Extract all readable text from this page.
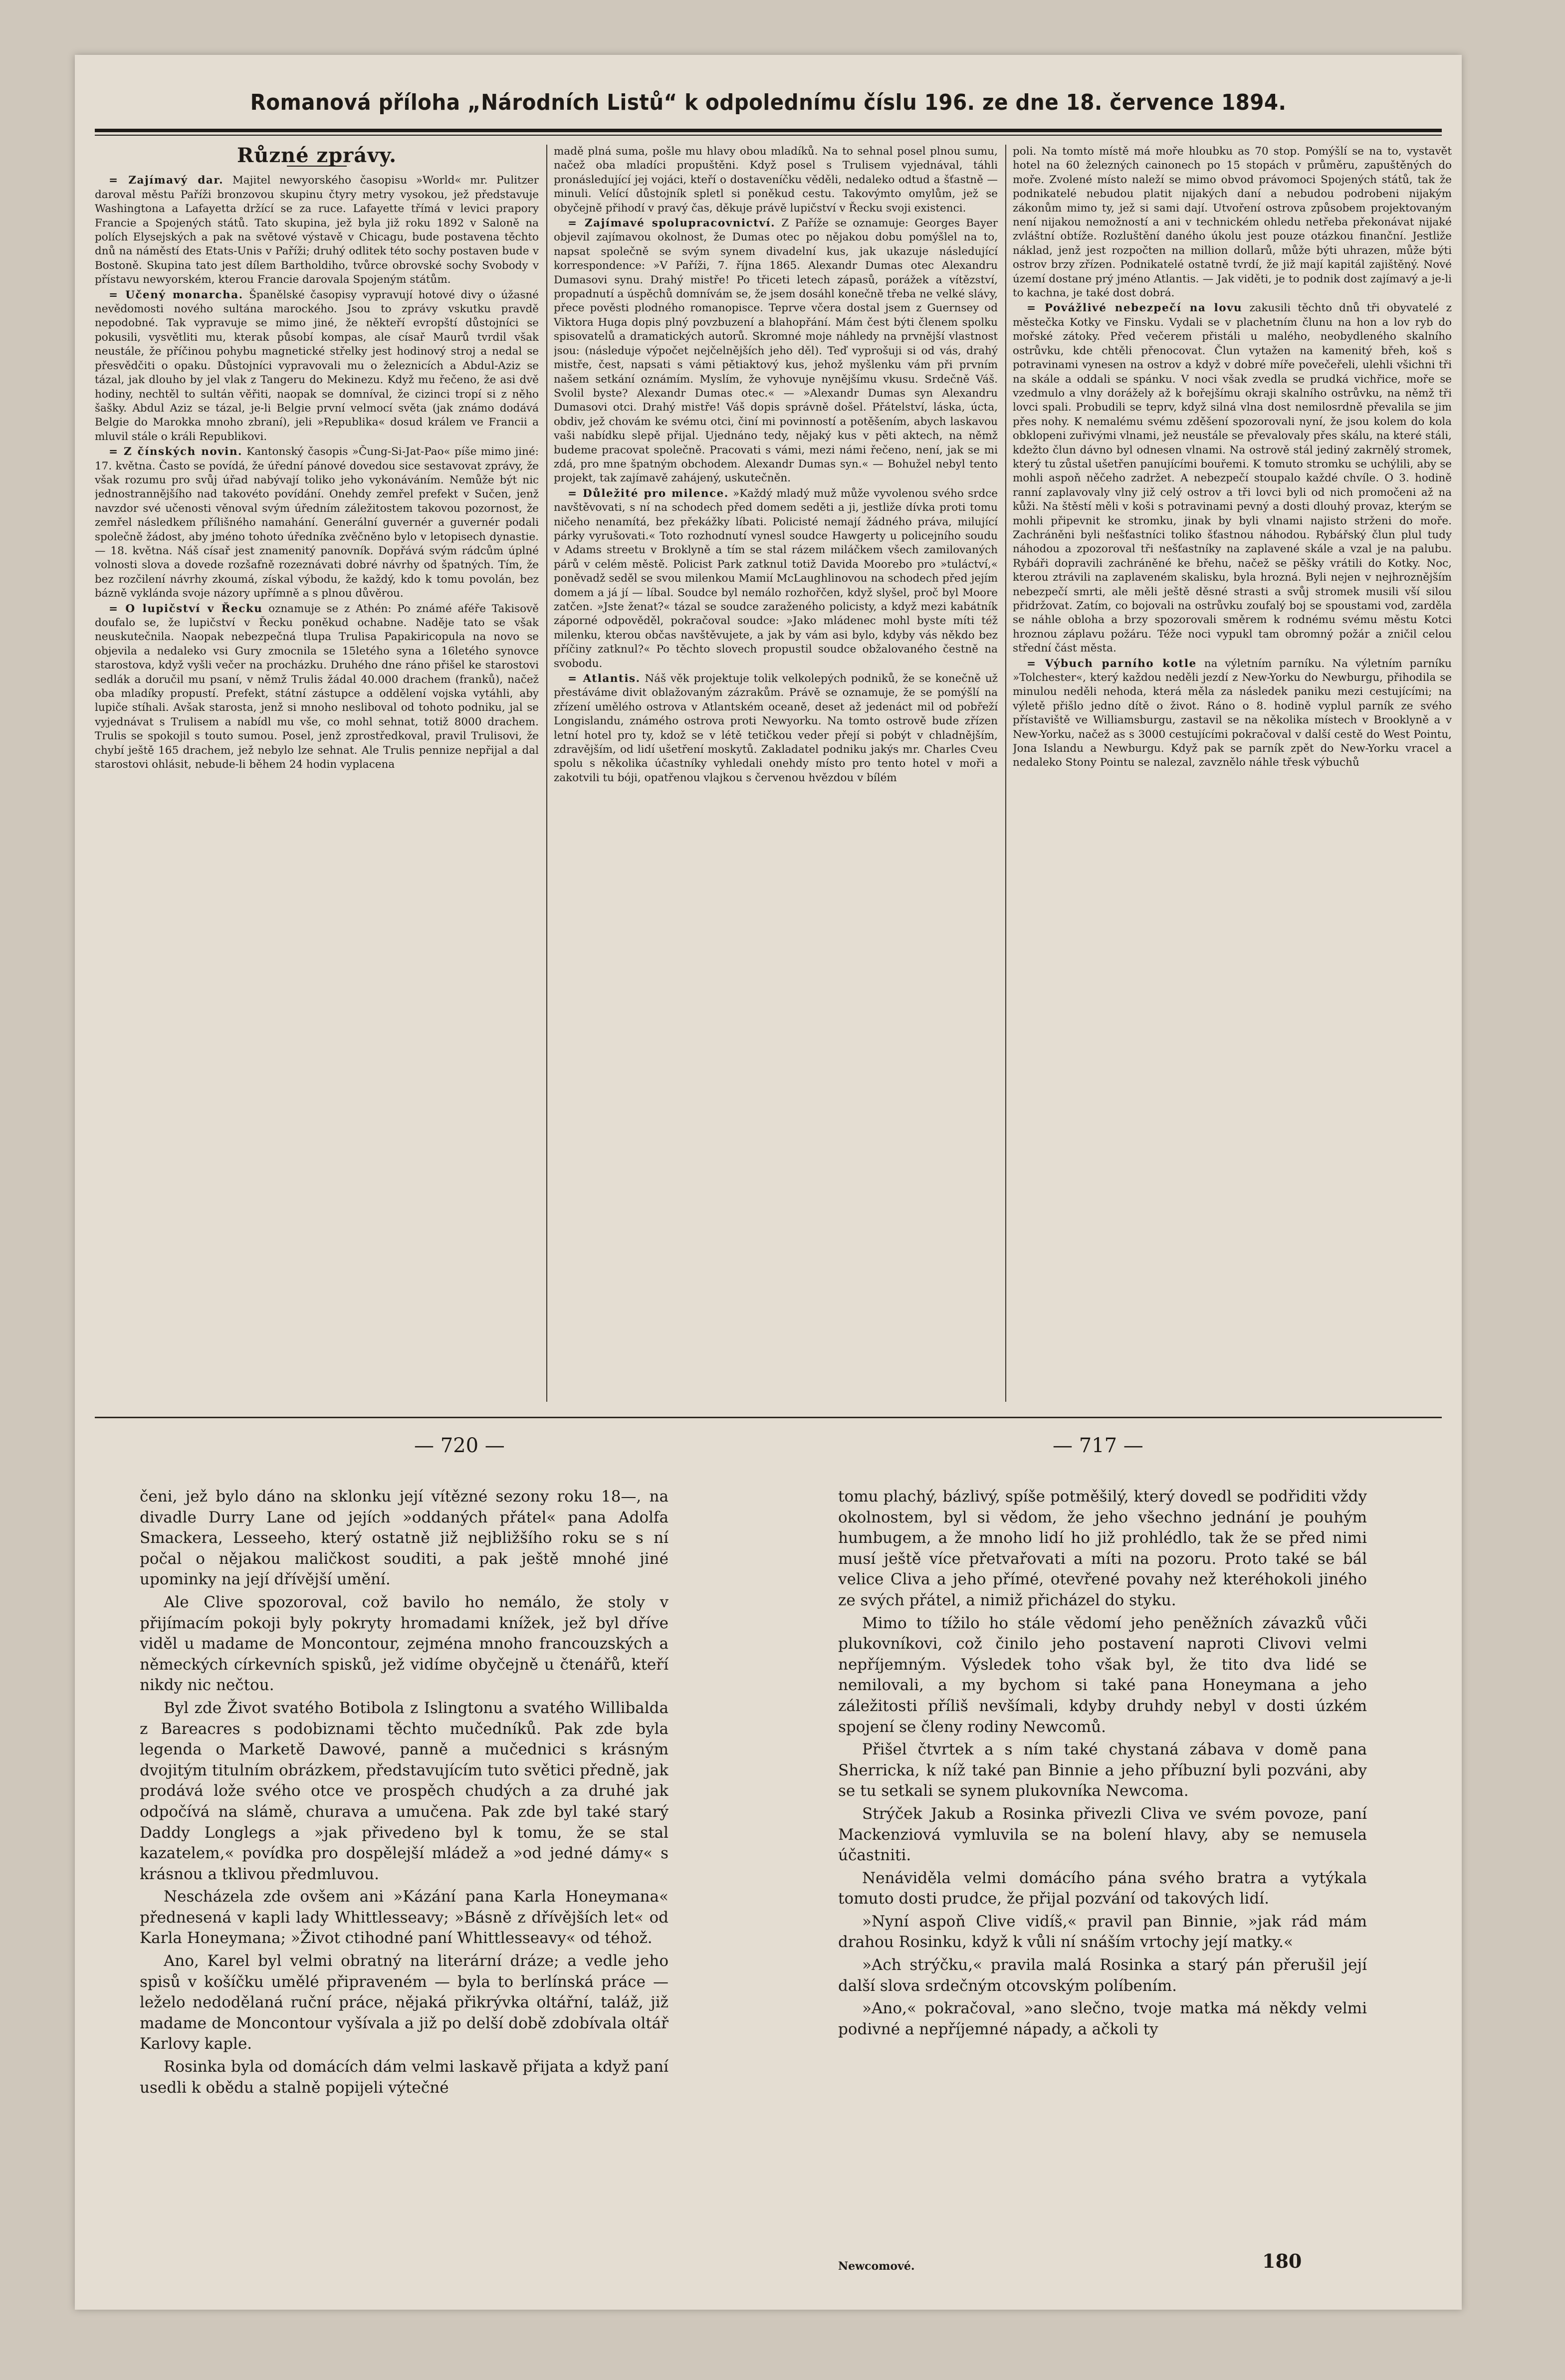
Romanová příloha „Národních Listů“ k odpolednímu číslu 196. ze dne 18. července 1894.
Různé zprávy.

= Zajímavý dar. Majitel newyorského časopisu »World« mr. Pulitzer daroval městu Paříži bronzovou skupinu čtyry metry vysokou, jež představuje Washingtona a Lafayetta držící se za ruce. Lafayette třímá v levici prapory Francie a Spojených států. Tato skupina, jež byla již roku 1892 v Saloně na polích Elysejských a pak na světové výstavě v Chicagu, bude postavena těchto dnů na náměstí des Etats-Unis v Paříži; druhý odlitek této sochy postaven bude v Bostoně. Skupina tato jest dílem Bartholdiho, tvůrce obrovské sochy Svobody v přístavu newyorském, kterou Francie darovala Spojeným státům.

= Učený monarcha. Španělské časopisy vypravují hotové divy o úžasné nevědomosti nového sultána marockého. Jsou to zprávy vskutku pravdě nepodobné. Tak vypravuje se mimo jiné, že někteří evropští důstojníci se pokusili, vysvětliti mu, kterak působí kompas, ale císař Maurů tvrdil však neustále, že příčinou pohybu magnetické střelky jest hodinový stroj a nedal se přesvědčiti o opaku. Důstojníci vypravovali mu o železnicích a Abdul-Aziz se tázal, jak dlouho by jel vlak z Tangeru do Mekinezu. Když mu řečeno, že asi dvě hodiny, nechtěl to sultán věřiti, naopak se domníval, že cizinci tropí si z něho šašky. Abdul Aziz se tázal, je-li Belgie první velmocí světa (jak známo dodává Belgie do Marokka mnoho zbraní), jeli »Republika« dosud králem ve Francii a mluvil stále o králi Republikovi.

= Z čínských novin. Kantonský časopis »Čung-Si-Jat-Pao« píše mimo jiné: 17. května. Často se povídá, že úřední pánové dovedou sice sestavovat zprávy, že však rozumu pro svůj úřad nabývají toliko jeho vykonáváním. Nemůže být nic jednostrannějšího nad takovéto povídání. Onehdy zemřel prefekt v Sučen, jenž navzdor své učenosti věnoval svým úředním záležitostem takovou pozornost, že zemřel následkem přílišného namahání. Generální guvernér a guvernér podali společně žádost, aby jméno tohoto úředníka zvěčněno bylo v letopisech dynastie. — 18. května. Náš císař jest znamenitý panovník. Dopřává svým rádcům úplné volnosti slova a dovede rozšafně rozeznávati dobré návrhy od špatných. Tím, že bez rozčilení návrhy zkoumá, získal výbodu, že každý, kdo k tomu povolán, bez bázně vyklánda svoje názory upřímně a s plnou důvěrou.

= O lupičství v Řecku oznamuje se z Athén: Po známé aféře Takisově doufalo se, že lupičství v Řecku poněkud ochabne. Naděje tato se však neuskutečnila. Naopak nebezpečná tlupa Trulisa Papakiricopula na novo se objevila a nedaleko vsi Gury zmocnila se 15letého syna a 16letého synovce starostova, když vyšli večer na procházku. Druhého dne ráno přišel ke starostovi sedlák a doručil mu psaní, v němž Trulis žádal 40.000 drachem (franků), načež oba mladíky propustí. Prefekt, státní zástupce a oddělení vojska vytáhli, aby lupiče stíhali. Avšak starosta, jenž si mnoho nesliboval od tohoto podniku, jal se vyjednávat s Trulisem a nabídl mu vše, co mohl sehnat, totiž 8000 drachem. Trulis se spokojil s touto sumou. Posel, jenž zprostředkoval, pravil Trulisovi, že chybí ještě 165 drachem, jež nebylo lze sehnat. Ale Trulis pennize nepřijal a dal starostovi ohlásit, nebude-li během 24 hodin vyplacena

madě plná suma, pošle mu hlavy obou mladíků. Na to sehnal posel plnou sumu, načež oba mladíci propuštěni. Když posel s Trulisem vyjednával, táhli pronásledující jej vojáci, kteří o dostaveníčku věděli, nedaleko odtud a šťastně — minuli. Velící důstojník spletl si poněkud cestu. Takovýmto omylům, jež se obyčejně přihodí v pravý čas, děkuje právě lupičství v Řecku svoji existenci.

= Zajímavé spolupracovnictví. Z Paříže se oznamuje: Georges Bayer objevil zajímavou okolnost, že Dumas otec po nějakou dobu pomýšlel na to, napsat společně se svým synem divadelní kus, jak ukazuje následující korrespondence: »V Paříži, 7. října 1865. Alexandr Dumas otec Alexandru Dumasovi synu. Drahý mistře! Po třiceti letech zápasů, porážek a vítězství, propadnutí a úspěchů domnívám se, že jsem dosáhl konečně třeba ne velké slávy, přece pověsti plodného romanopisce. Teprve včera dostal jsem z Guernsey od Viktora Huga dopis plný povzbuzení a blahopřání. Mám čest býti členem spolku spisovatelů a dramatických autorů. Skromné moje náhledy na prvnější vlastnost jsou: (následuje výpočet nejčelnějších jeho děl). Teď vyprošuji si od vás, drahý mistře, čest, napsati s vámi pětiaktový kus, jehož myšlenku vám při prvním našem setkání oznámím. Myslím, že vyhovuje nynějšímu vkusu. Srdečně Váš. Svolil byste? Alexandr Dumas otec.« — »Alexandr Dumas syn Alexandru Dumasovi otci. Drahý mistře! Váš dopis správně došel. Přátelství, láska, úcta, obdiv, jež chovám ke svému otci, činí mi povinností a potěšením, abych laskavou vaši nabídku slepě přijal. Ujednáno tedy, nějaký kus v pěti aktech, na němž budeme pracovat společně. Pracovati s vámi, mezi námi řečeno, není, jak se mi zdá, pro mne špatným obchodem. Alexandr Dumas syn.« — Bohužel nebyl tento projekt, tak zajímavě zahájený, uskutečněn.

= Důležité pro milence. »Každý mladý muž může vyvolenou svého srdce navštěvovati, s ní na schodech před domem seděti a ji, jestliže dívka proti tomu ničeho nenamítá, bez překážky líbati. Policisté nemají žádného práva, milující párky vyrušovati.« Toto rozhodnutí vynesl soudce Hawgerty u policejního soudu v Adams streetu v Broklyně a tím se stal rázem miláčkem všech zamilovaných párů v celém městě. Policist Park zatknul totiž Davida Moorebo pro »tuláctví,« poněvadž seděl se svou milenkou Mamií McLaughlinovou na schodech před jejím domem a já jí — líbal. Soudce byl nemálo rozhořčen, když slyšel, proč byl Moore zatčen. »Jste ženat?« tázal se soudce zaraženého policisty, a když mezi kabátník záporné odpověděl, pokračoval soudce: »Jako mládenec mohl byste míti též milenku, kterou občas navštěvujete, a jak by vám asi bylo, kdyby vás někdo bez příčiny zatknul?« Po těchto slovech propustil soudce obžalovaného čestně na svobodu.

= Atlantis. Náš věk projektuje tolik velkolepých podniků, že se konečně už přestáváme divit oblažovaným zázrakům. Právě se oznamuje, že se pomýšlí na zřízení umělého ostrova v Atlantském oceaně, deset až jedenáct mil od pobřeží Longislandu, známého ostrova proti Newyorku. Na tomto ostrově bude zřízen letní hotel pro ty, kdož se v létě tetičkou veder přejí si pobýt v chladnějším, zdravějším, od lidí ušetření moskytů. Zakladatel podniku jakýs mr. Charles Cveu spolu s několika účastníky vyhledali onehdy místo pro tento hotel v moři a zakotvili tu bóji, opatřenou vlajkou s červenou hvězdou v bílém

poli. Na tomto místě má moře hloubku as 70 stop. Pomýšlí se na to, vystavět hotel na 60 železných cainonech po 15 stopách v průměru, zapuštěných do moře. Zvolené místo naleží se mimo obvod právomoci Spojených států, tak že podnikatelé nebudou platit nijakých daní a nebudou podrobeni nijakým zákonům mimo ty, jež si sami dají. Utvoření ostrova způsobem projektovaným není nijakou nemožností a ani v technickém ohledu netřeba překonávat nijaké zvláštní obtíže. Rozluštění daného úkolu jest pouze otázkou finanční. Jestliže náklad, jenž jest rozpočten na million dollarů, může býti uhrazen, může býti ostrov brzy zřízen. Podnikatelé ostatně tvrdí, že již mají kapitál zajištěný. Nové území dostane prý jméno Atlantis. — Jak viděti, je to podnik dost zajímavý a je-li to kachna, je také dost dobrá.

= Povážlivé nebezpečí na lovu zakusili těchto dnů tři obyvatelé z městečka Kotky ve Finsku. Vydali se v plachetním člunu na hon a lov ryb do mořské zátoky. Před večerem přistáli u malého, neobydleného skalního ostrůvku, kde chtěli přenocovat. Člun vytažen na kamenitý břeh, koš s potravinami vynesen na ostrov a když v dobré míře povečeřeli, ulehli všichni tři na skále a oddali se spánku. V noci však zvedla se prudká vichřice, moře se vzedmulo a vlny dorážely až k bořejšímu okraji skalního ostrůvku, na němž tři lovci spali. Probudili se teprv, když silná vlna dost nemilosrdně převalila se jim přes nohy. K nemalému svému zděšení spozorovali nyní, že jsou kolem do kola obklopeni zuřivými vlnami, jež neustále se převalovaly přes skálu, na které stáli, kdežto člun dávno byl odnesen vlnami. Na ostrově stál jediný zakrnělý stromek, který tu zůstal ušetřen panujícími bouřemi. K tomuto stromku se uchýlili, aby se mohli aspoň něčeho zadržet. A nebezpečí stoupalo každé chvíle. O 3. hodině ranní zaplavovaly vlny již celý ostrov a tři lovci byli od nich promočeni až na kůži. Na štěstí měli v koši s potravinami pevný a dosti dlouhý provaz, kterým se mohli připevnit ke stromku, jinak by byli vlnami najisto strženi do moře. Zachráněni byli nešťastníci toliko šťastnou náhodou. Rybářský člun plul tudy náhodou a zpozoroval tři nešťastníky na zaplavené skále a vzal je na palubu. Rybáři dopravili zachráněné ke břehu, načež se pěšky vrátili do Kotky. Noc, kterou ztrávili na zaplaveném skalisku, byla hrozná. Byli nejen v nejhroznějším nebezpečí smrti, ale měli ještě děsné strasti a svůj stromek musili vší silou přidržovat. Zatím, co bojovali na ostrůvku zoufalý boj se spoustami vod, zarděla se náhle obloha a brzy spozorovali směrem k rodnému svému městu Kotci hroznou záplavu požáru. Téže noci vypukl tam obromný požár a zničil celou střední část města.

= Výbuch parního kotle na výletním parníku. Na výletním parníku »Tolchester«, který každou neděli jezdí z New-Yorku do Newburgu, přihodila se minulou neděli nehoda, která měla za následek paniku mezi cestujícími; na výletě přišlo jedno dítě o život. Ráno o 8. hodině vyplul parník ze svého přístaviště ve Williamsburgu, zastavil se na několika místech v Brooklyně a v New-Yorku, načež as s 3000 cestujícími pokračoval v další cestě do West Pointu, Jona Islandu a Newburgu. Když pak se parník zpět do New-Yorku vracel a nedaleko Stony Pointu se nalezal, zavznělo náhle třesk výbuchů

— 720 —	— 717 —

čeni, jež bylo dáno na sklonku její vítězné sezony roku 18—, na divadle Durry Lane od jejích »oddaných přátel« pana Adolfa Smackera, Lesseeho, který ostatně již nejbližšího roku se s ní počal o nějakou maličkost souditi, a pak ještě mnohé jiné upominky na její dřívější umění.

Ale Clive spozoroval, což bavilo ho nemálo, že stoly v přijímacím pokoji byly pokryty hromadami knížek, jež byl dříve viděl u madame de Moncontour, zejména mnoho francouzských a německých církevních spisků, jež vidíme obyčejně u čtenářů, kteří nikdy nic nečtou.

Byl zde Život svatého Botibola z Islingtonu a svatého Willibalda z Bareacres s podobiznami těchto mučedníků. Pak zde byla legenda o Marketě Dawové, panně a mučednici s krásným dvojitým titulním obrázkem, představujícím tuto světici předně, jak prodává lože svého otce ve prospěch chudých a za druhé jak odpočívá na slámě, churava a umučena. Pak zde byl také starý Daddy Longlegs a »jak přivedeno byl k tomu, že se stal kazatelem,« povídka pro dospělejší mládež a »od jedné dámy« s krásnou a tklivou předmluvou.

Nescházela zde ovšem ani »Kázání pana Karla Honeymana« přednesená v kapli lady Whittlesseavy; »Básně z dřívějších let« od Karla Honeymana; »Život ctihodné paní Whittlesseavy« od téhož.

Ano, Karel byl velmi obratný na literární dráze; a vedle jeho spisů v košíčku umělé připraveném — byla to berlínská práce — leželo nedodělaná ruční práce, nějaká přikrývka oltářní, taláž, již madame de Moncontour vyšívala a již po delší době zdobívala oltář Karlovy kaple.

Rosinka byla od domácích dám velmi laskavě přijata a když paní usedli k obědu a stalně popijeli výtečné

tomu plachý, bázlivý, spíše potměšilý, který dovedl se podřiditi vždy okolnostem, byl si vědom, že jeho všechno jednání je pouhým humbugem, a že mnoho lidí ho již prohlédlo, tak že se před nimi musí ještě více přetvařovati a míti na pozoru. Proto také se bál velice Cliva a jeho přímé, otevřené povahy než kteréhokoli jiného ze svých přátel, a nimiž přicházel do styku.

Mimo to tížilo ho stále vědomí jeho peněžních závazků vůči plukovníkovi, což činilo jeho postavení naproti Clivovi velmi nepříjemným. Výsledek toho však byl, že tito dva lidé se nemilovali, a my bychom si také pana Honeymana a jeho záležitosti příliš nevšímali, kdyby druhdy nebyl v dosti úzkém spojení se členy rodiny Newcomů.

Přišel čtvrtek a s ním také chystaná zábava v domě pana Sherricka, k níž také pan Binnie a jeho příbuzní byli pozváni, aby se tu setkali se synem plukovníka Newcoma.

Strýček Jakub a Rosinka přivezli Cliva ve svém povoze, paní Mackenziová vymluvila se na bolení hlavy, aby se nemusela účastniti.

Nenáviděla velmi domácího pána svého bratra a vytýkala tomuto dosti prudce, že přijal pozvání od takových lidí.

»Nyní aspoň Clive vidíš,« pravil pan Binnie, »jak rád mám drahou Rosinku, když k vůli ní snáším vrtochy její matky.«

»Ach strýčku,« pravila malá Rosinka a starý pán přerušil její další slova srdečným otcovským políbením.

»Ano,« pokračoval, »ano slečno, tvoje matka má někdy velmi podivné a nepříjemné nápady, a ačkoli ty

Newcomové.	180
